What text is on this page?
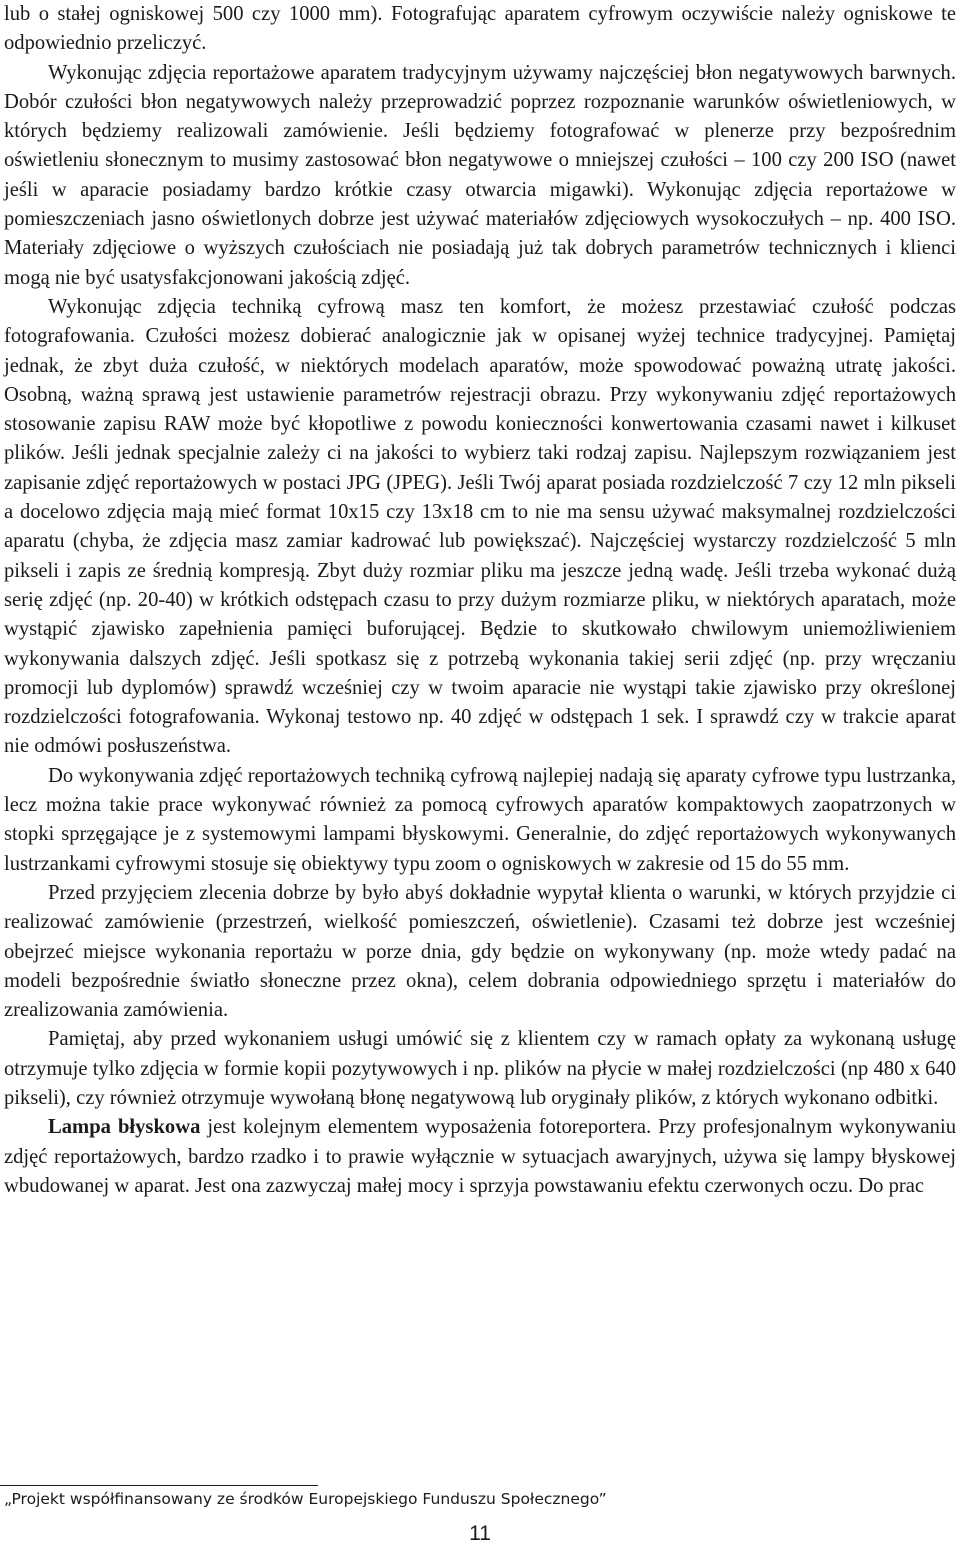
lub o stałej ogniskowej 500 czy 1000 mm). Fotografując aparatem cyfrowym oczywiście należy ogniskowe te odpowiednio przeliczyć.

Wykonując zdjęcia reportażowe aparatem tradycyjnym używamy najczęściej błon negatywowych barwnych. Dobór czułości błon negatywowych należy przeprowadzić poprzez rozpoznanie warunków oświetleniowych, w których będziemy realizowali zamówienie. Jeśli będziemy fotografować w plenerze przy bezpośrednim oświetleniu słonecznym to musimy zastosować błon negatywowe o mniejszej czułości – 100 czy 200 ISO (nawet jeśli w aparacie posiadamy bardzo krótkie czasy otwarcia migawki). Wykonując zdjęcia reportażowe w pomieszczeniach jasno oświetlonych dobrze jest używać materiałów zdjęciowych wysokoczułych – np. 400 ISO. Materiały zdjęciowe o wyższych czułościach nie posiadają już tak dobrych parametrów technicznych i klienci mogą nie być usatysfakcjonowani jakością zdjęć.

Wykonując zdjęcia techniką cyfrową masz ten komfort, że możesz przestawiać czułość podczas fotografowania. Czułości możesz dobierać analogicznie jak w opisanej wyżej technice tradycyjnej. Pamiętaj jednak, że zbyt duża czułość, w niektórych modelach aparatów, może spowodować poważną utratę jakości. Osobną, ważną sprawą jest ustawienie parametrów rejestracji obrazu. Przy wykonywaniu zdjęć reportażowych stosowanie zapisu RAW może być kłopotliwe z powodu konieczności konwertowania czasami nawet i kilkuset plików. Jeśli jednak specjalnie zależy ci na jakości to wybierz taki rodzaj zapisu. Najlepszym rozwiązaniem jest zapisanie zdjęć reportażowych w postaci JPG (JPEG). Jeśli Twój aparat posiada rozdzielczość 7 czy 12 mln pikseli a docelowo zdjęcia mają mieć format 10x15 czy 13x18 cm to nie ma sensu używać maksymalnej rozdzielczości aparatu (chyba, że zdjęcia masz zamiar kadrować lub powiększać). Najczęściej wystarczy rozdzielczość 5 mln pikseli i zapis ze średnią kompresją. Zbyt duży rozmiar pliku ma jeszcze jedną wadę. Jeśli trzeba wykonać dużą serię zdjęć (np. 20-40) w krótkich odstępach czasu to przy dużym rozmiarze pliku, w niektórych aparatach, może wystąpić zjawisko zapełnienia pamięci buforującej. Będzie to skutkowało chwilowym uniemożliwieniem wykonywania dalszych zdjęć. Jeśli spotkasz się z potrzebą wykonania takiej serii zdjęć (np. przy wręczaniu promocji lub dyplomów) sprawdź wcześniej czy w twoim aparacie nie wystąpi takie zjawisko przy określonej rozdzielczości fotografowania. Wykonaj testowo np. 40 zdjęć w odstępach 1 sek. I sprawdź czy w trakcie aparat nie odmówi posłuszeństwa.

Do wykonywania zdjęć reportażowych techniką cyfrową najlepiej nadają się aparaty cyfrowe typu lustrzanka, lecz można takie prace wykonywać również za pomocą cyfrowych aparatów kompaktowych zaopatrzonych w stopki sprzęgające je z systemowymi lampami błyskowymi. Generalnie, do zdjęć reportażowych wykonywanych lustrzankami cyfrowymi stosuje się obiektywy typu zoom o ogniskowych w zakresie od 15 do 55 mm.

Przed przyjęciem zlecenia dobrze by było abyś dokładnie wypytał klienta o warunki, w których przyjdzie ci realizować zamówienie (przestrzeń, wielkość pomieszczeń, oświetlenie). Czasami też dobrze jest wcześniej obejrzeć miejsce wykonania reportażu w porze dnia, gdy będzie on wykonywany (np. może wtedy padać na modeli bezpośrednie światło słoneczne przez okna), celem dobrania odpowiedniego sprzętu i materiałów do zrealizowania zamówienia.

Pamiętaj, aby przed wykonaniem usługi umówić się z klientem czy w ramach opłaty za wykonaną usługę otrzymuje tylko zdjęcia w formie kopii pozytywowych i np. plików na płycie w małej rozdzielczości (np 480 x 640 pikseli), czy również otrzymuje wywołaną błonę negatywową lub oryginały plików, z których wykonano odbitki.

Lampa błyskowa jest kolejnym elementem wyposażenia fotoreportera. Przy profesjonalnym wykonywaniu zdjęć reportażowych, bardzo rzadko i to prawie wyłącznie w sytuacjach awaryjnych, używa się lampy błyskowej wbudowanej w aparat. Jest ona zazwyczaj małej mocy i sprzyja powstawaniu efektu czerwonych oczu. Do prac

„Projekt współfinansowany ze środków Europejskiego Funduszu Społecznego”
11
